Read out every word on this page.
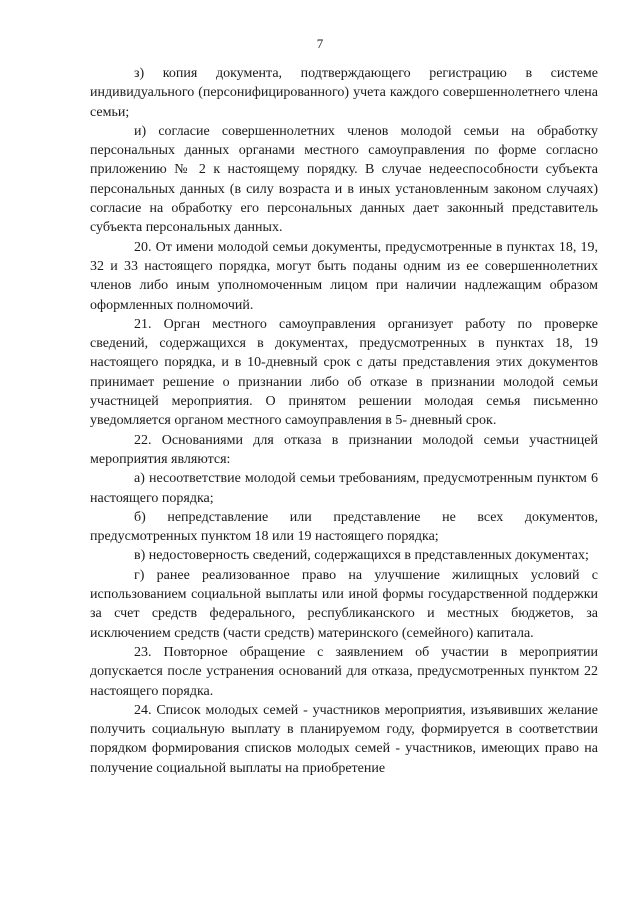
7

з) копия документа, подтверждающего регистрацию в системе индивидуального (персонифицированного) учета каждого совершеннолетнего члена семьи;

и) согласие совершеннолетних членов молодой семьи на обработку персональных данных органами местного самоуправления по форме согласно приложению № 2 к настоящему порядку. В случае недееспособности субъекта персональных данных (в силу возраста и в иных установленным законом случаях) согласие на обработку его персональных данных дает законный представитель субъекта персональных данных.

20. От имени молодой семьи документы, предусмотренные в пунктах 18, 19, 32 и 33 настоящего порядка, могут быть поданы одним из ее совершеннолетних членов либо иным уполномоченным лицом при наличии надлежащим образом оформленных полномочий.

21. Орган местного самоуправления организует работу по проверке сведений, содержащихся в документах, предусмотренных в пунктах 18, 19 настоящего порядка, и в 10-дневный срок с даты представления этих документов принимает решение о признании либо об отказе в признании молодой семьи участницей мероприятия. О принятом решении молодая семья письменно уведомляется органом местного самоуправления в 5- дневный срок.

22. Основаниями для отказа в признании молодой семьи участницей мероприятия являются:

а) несоответствие молодой семьи требованиям, предусмотренным пунктом 6 настоящего порядка;

б) непредставление или представление не всех документов, предусмотренных пунктом 18 или 19 настоящего порядка;

в) недостоверность сведений, содержащихся в представленных документах;

г) ранее реализованное право на улучшение жилищных условий с использованием социальной выплаты или иной формы государственной поддержки за счет средств федерального, республиканского и местных бюджетов, за исключением средств (части средств) материнского (семейного) капитала.

23. Повторное обращение с заявлением об участии в мероприятии допускается после устранения оснований для отказа, предусмотренных пунктом 22 настоящего порядка.

24. Список молодых семей - участников мероприятия, изъявивших желание получить социальную выплату в планируемом году, формируется в соответствии порядком формирования списков молодых семей - участников, имеющих право на получение социальной выплаты на приобретение
